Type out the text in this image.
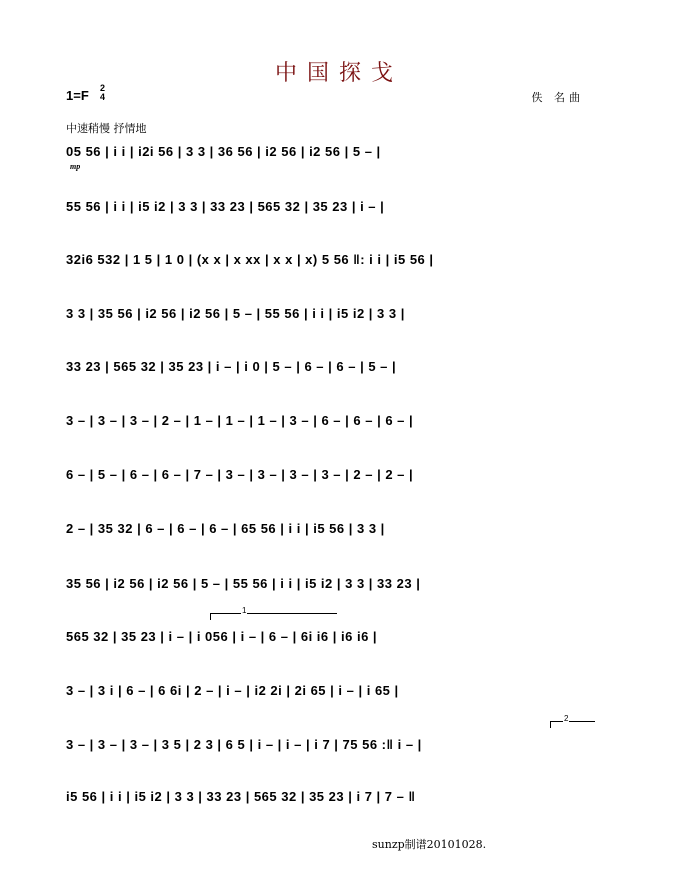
中国探戈
1=F 2
4	佚 名曲
中速稍慢 抒情地
05 56 | i i | i2i 56 | 3 3 | 36 56 | i2 56 | i2 56 | 5 – |
mp
55 56 | i i | i5 i2 | 3 3 | 33 23 | 565 32 | 35 23 | i – |
32i6 532 | 1 5 | 1 0 | (x x | x xx | x x | x) 5 56 ‖: i i | i5 56 |
3 3 | 35 56 | i2 56 | i2 56 | 5 – | 55 56 | i i | i5 i2 | 3 3 |
33 23 | 565 32 | 35 23 | i – | i 0 | 5 – | 6 – | 6 – | 5 – |
3 – | 3 – | 3 – | 2 – | 1 – | 1 – | 1 – | 3 – | 6 – | 6 – | 6 – |
6 – | 5 – | 6 – | 6 – | 7 – | 3 – | 3 – | 3 – | 3 – | 2 – | 2 – |
2 – | 35 32 | 6 – | 6 – | 6 – | 65 56 | i i | i5 56 | 3 3 |
35 56 | i2 56 | i2 56 | 5 – | 55 56 | i i | i5 i2 | 3 3 | 33 23 |
1
565 32 | 35 23 | i – | i 056 | i – | 6 – | 6i i6 | i6 i6 |
3 – | 3 i | 6 – | 6 6i | 2 – | i – | i2 2i | 2i 65 | i – | i 65 |
2
3 – | 3 – | 3 – | 3 5 | 2 3 | 6 5 | i – | i – | i 7 | 75 56 :‖ i – |
i5 56 | i i | i5 i2 | 3 3 | 33 23 | 565 32 | 35 23 | i 7 | 7 – ‖
sunzp制谱20101028.
